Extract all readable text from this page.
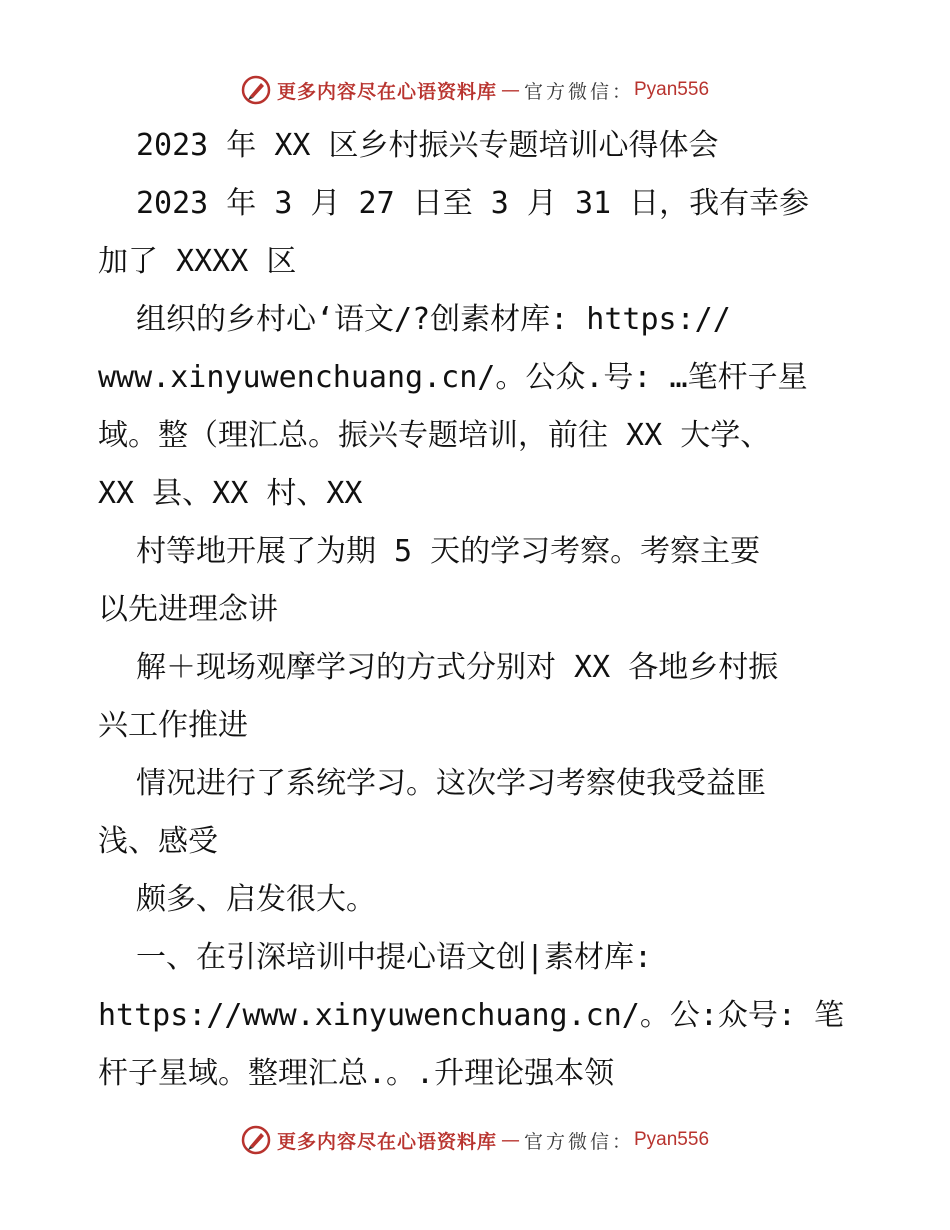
更多内容尽在心语资料库 — 官方微信： Pyan556
2023 年 XX 区乡村振兴专题培训心得体会
2023 年 3 月 27 日至 3 月 31 日，我有幸参
加了 XXXX 区
组织的乡村心‘语文/?创素材库: https://
www.xinyuwenchuang.cn/。公众.号: …笔杆子星
域。整（理汇总。振兴专题培训，前往 XX 大学、
XX 县、XX 村、XX
村等地开展了为期 5 天的学习考察。考察主要
以先进理念讲
解＋现场观摩学习的方式分别对 XX 各地乡村振
兴工作推进
情况进行了系统学习。这次学习考察使我受益匪
浅、感受
颇多、启发很大。
一、在引深培训中提心语文创|素材库:
https://www.xinyuwenchuang.cn/。公:众号: 笔
杆子星域。整理汇总.。.升理论强本领
更多内容尽在心语资料库 — 官方微信： Pyan556
